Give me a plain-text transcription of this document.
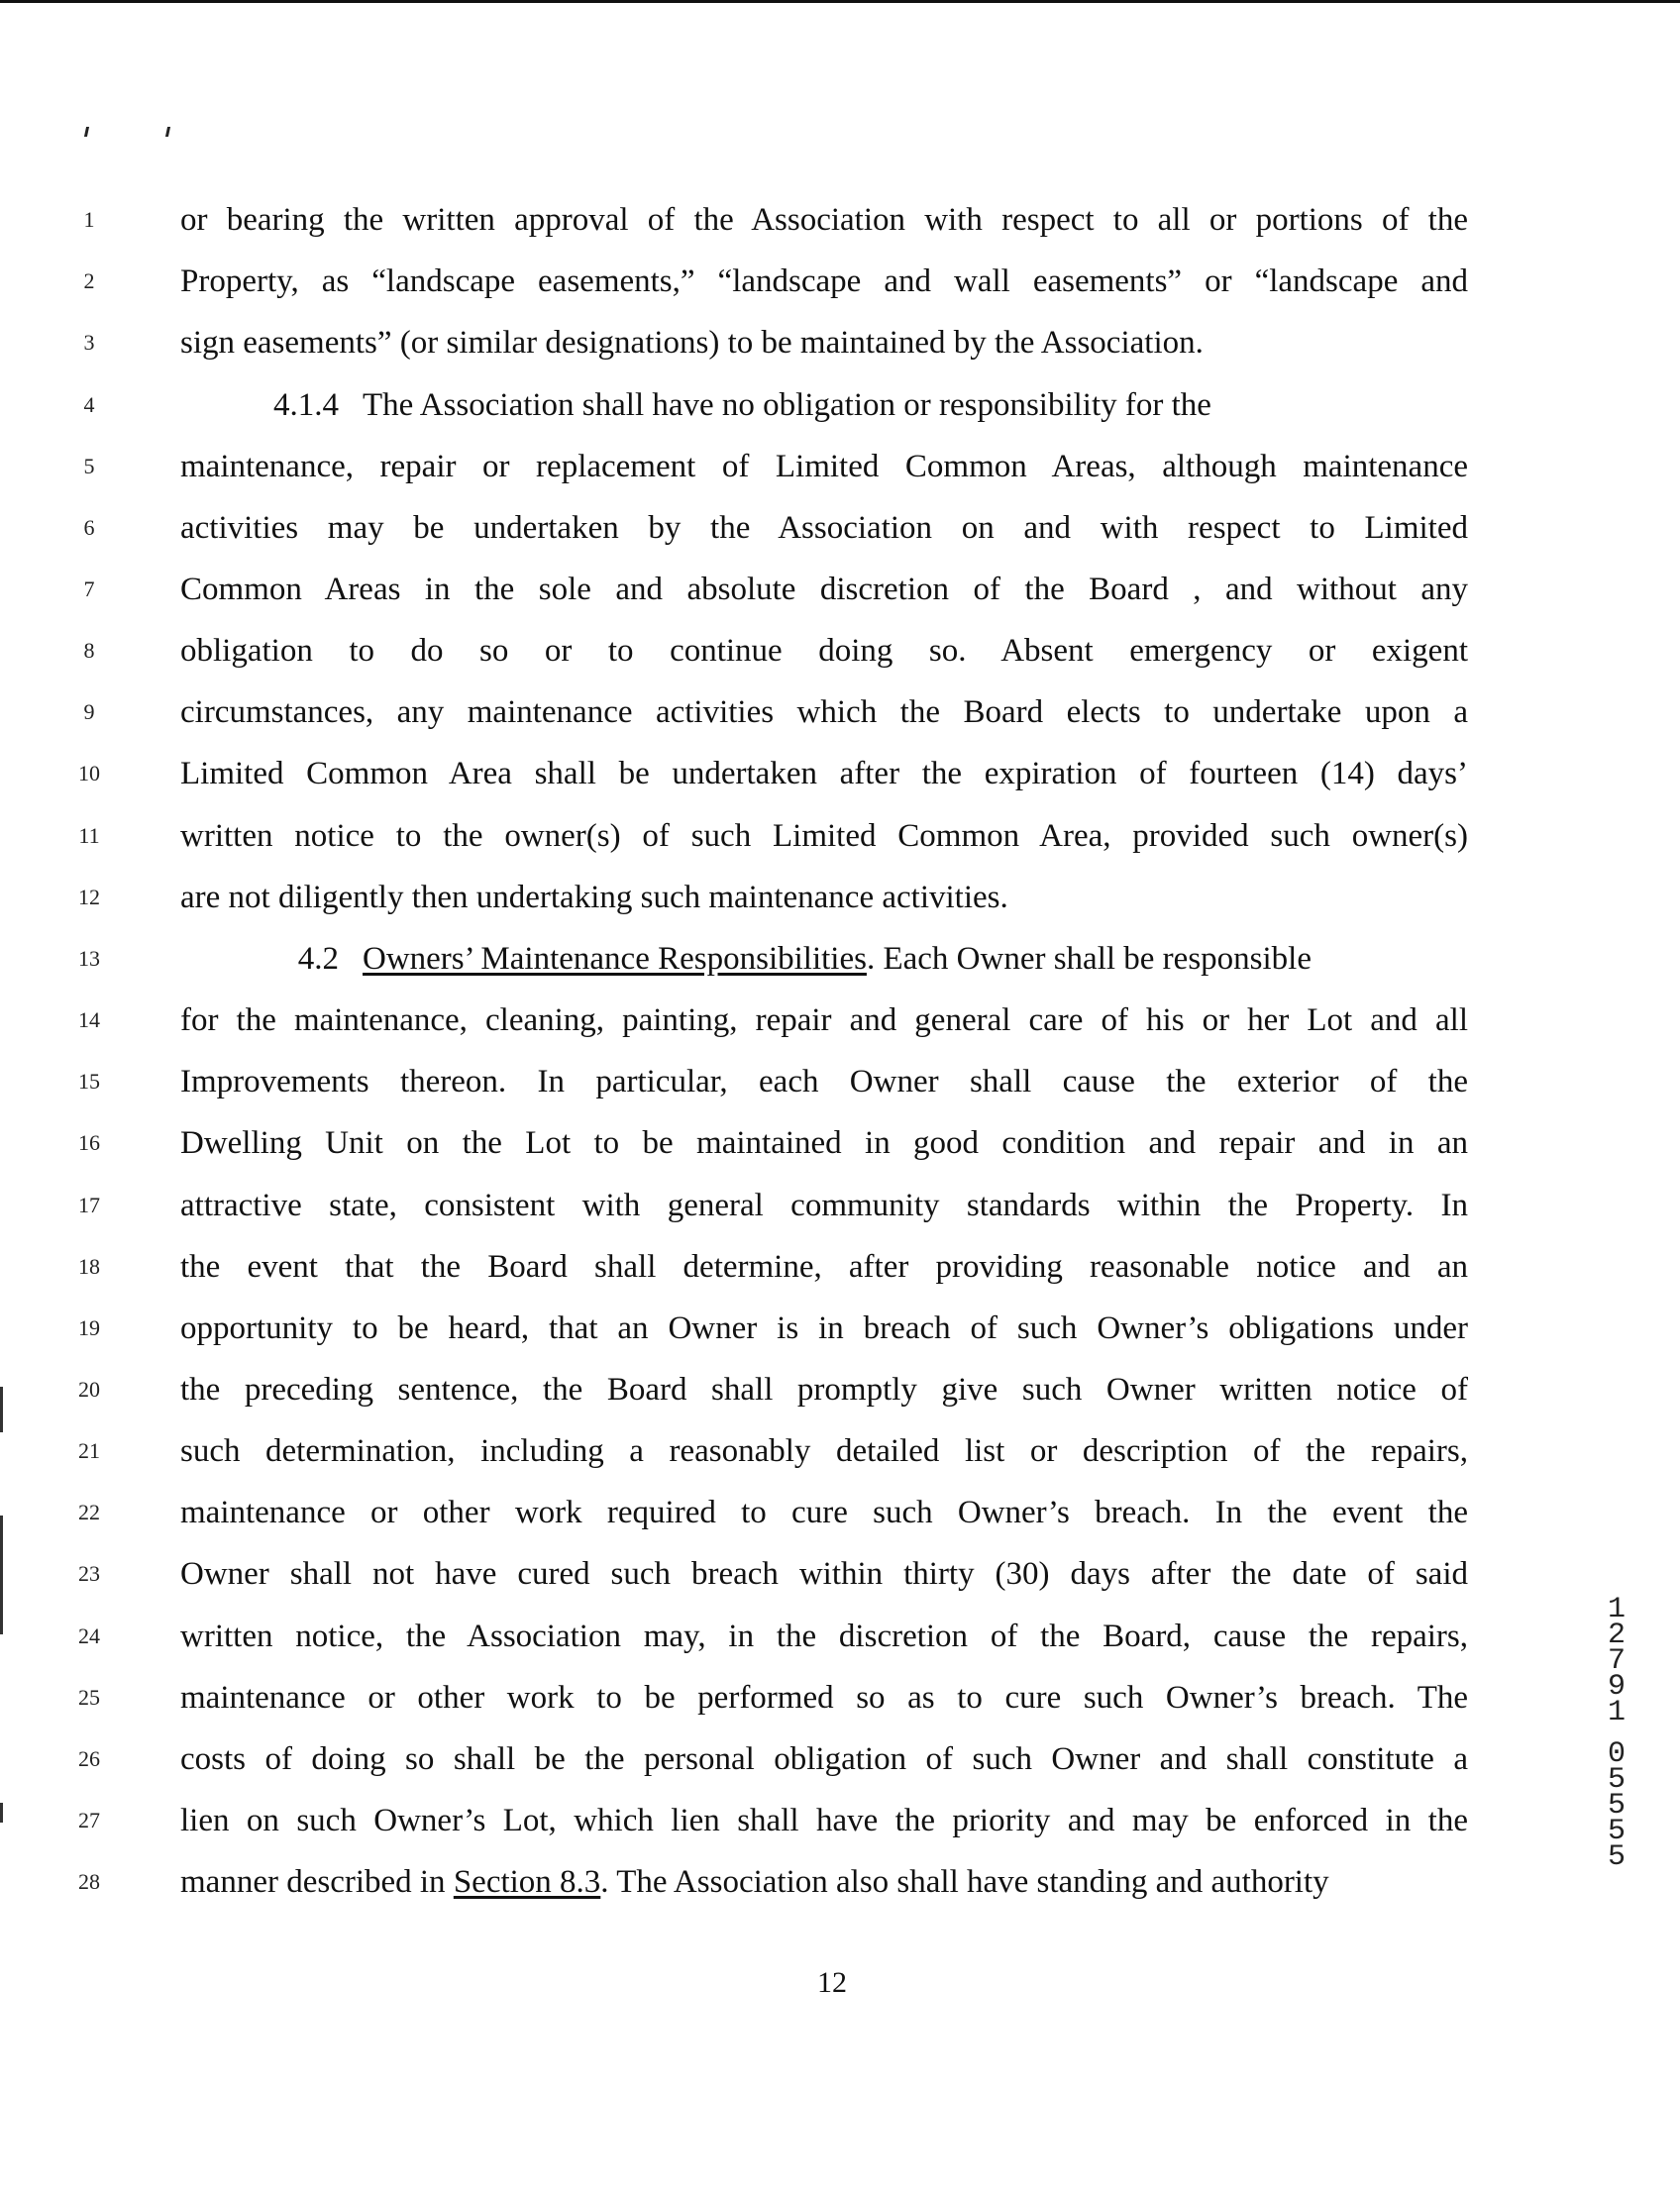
1
2
3
4
5
6
7
8
9
10
11
12
13
14
15
16
17
18
19
20
21
22
23
24
25
26
27
28
or bearing the written approval of the Association with respect to all or portions of the
Property, as “landscape easements,” “landscape and wall easements” or “landscape and
sign easements” (or similar designations) to be maintained by the Association.
4.1.4 The Association shall have no obligation or responsibility for the
maintenance, repair or replacement of Limited Common Areas, although maintenance
activities may be undertaken by the Association on and with respect to Limited
Common Areas in the sole and absolute discretion of the Board , and without any
obligation to do so or to continue doing so. Absent emergency or exigent
circumstances, any maintenance activities which the Board elects to undertake upon a
Limited Common Area shall be undertaken after the expiration of fourteen (14) days’
written notice to the owner(s) of such Limited Common Area, provided such owner(s)
are not diligently then undertaking such maintenance activities.
4.2 Owners’ Maintenance Responsibilities. Each Owner shall be responsible
for the maintenance, cleaning, painting, repair and general care of his or her Lot and all
Improvements thereon. In particular, each Owner shall cause the exterior of the
Dwelling Unit on the Lot to be maintained in good condition and repair and in an
attractive state, consistent with general community standards within the Property. In
the event that the Board shall determine, after providing reasonable notice and an
opportunity to be heard, that an Owner is in breach of such Owner’s obligations under
the preceding sentence, the Board shall promptly give such Owner written notice of
such determination, including a reasonably detailed list or description of the repairs,
maintenance or other work required to cure such Owner’s breach. In the event the
Owner shall not have cured such breach within thirty (30) days after the date of said
written notice, the Association may, in the discretion of the Board, cause the repairs,
maintenance or other work to be performed so as to cure such Owner’s breach. The
costs of doing so shall be the personal obligation of such Owner and shall constitute a
lien on such Owner’s Lot, which lien shall have the priority and may be enforced in the
manner described in Section 8.3. The Association also shall have standing and authority
12
1
2
7
9
1
0
5
5
5
5
